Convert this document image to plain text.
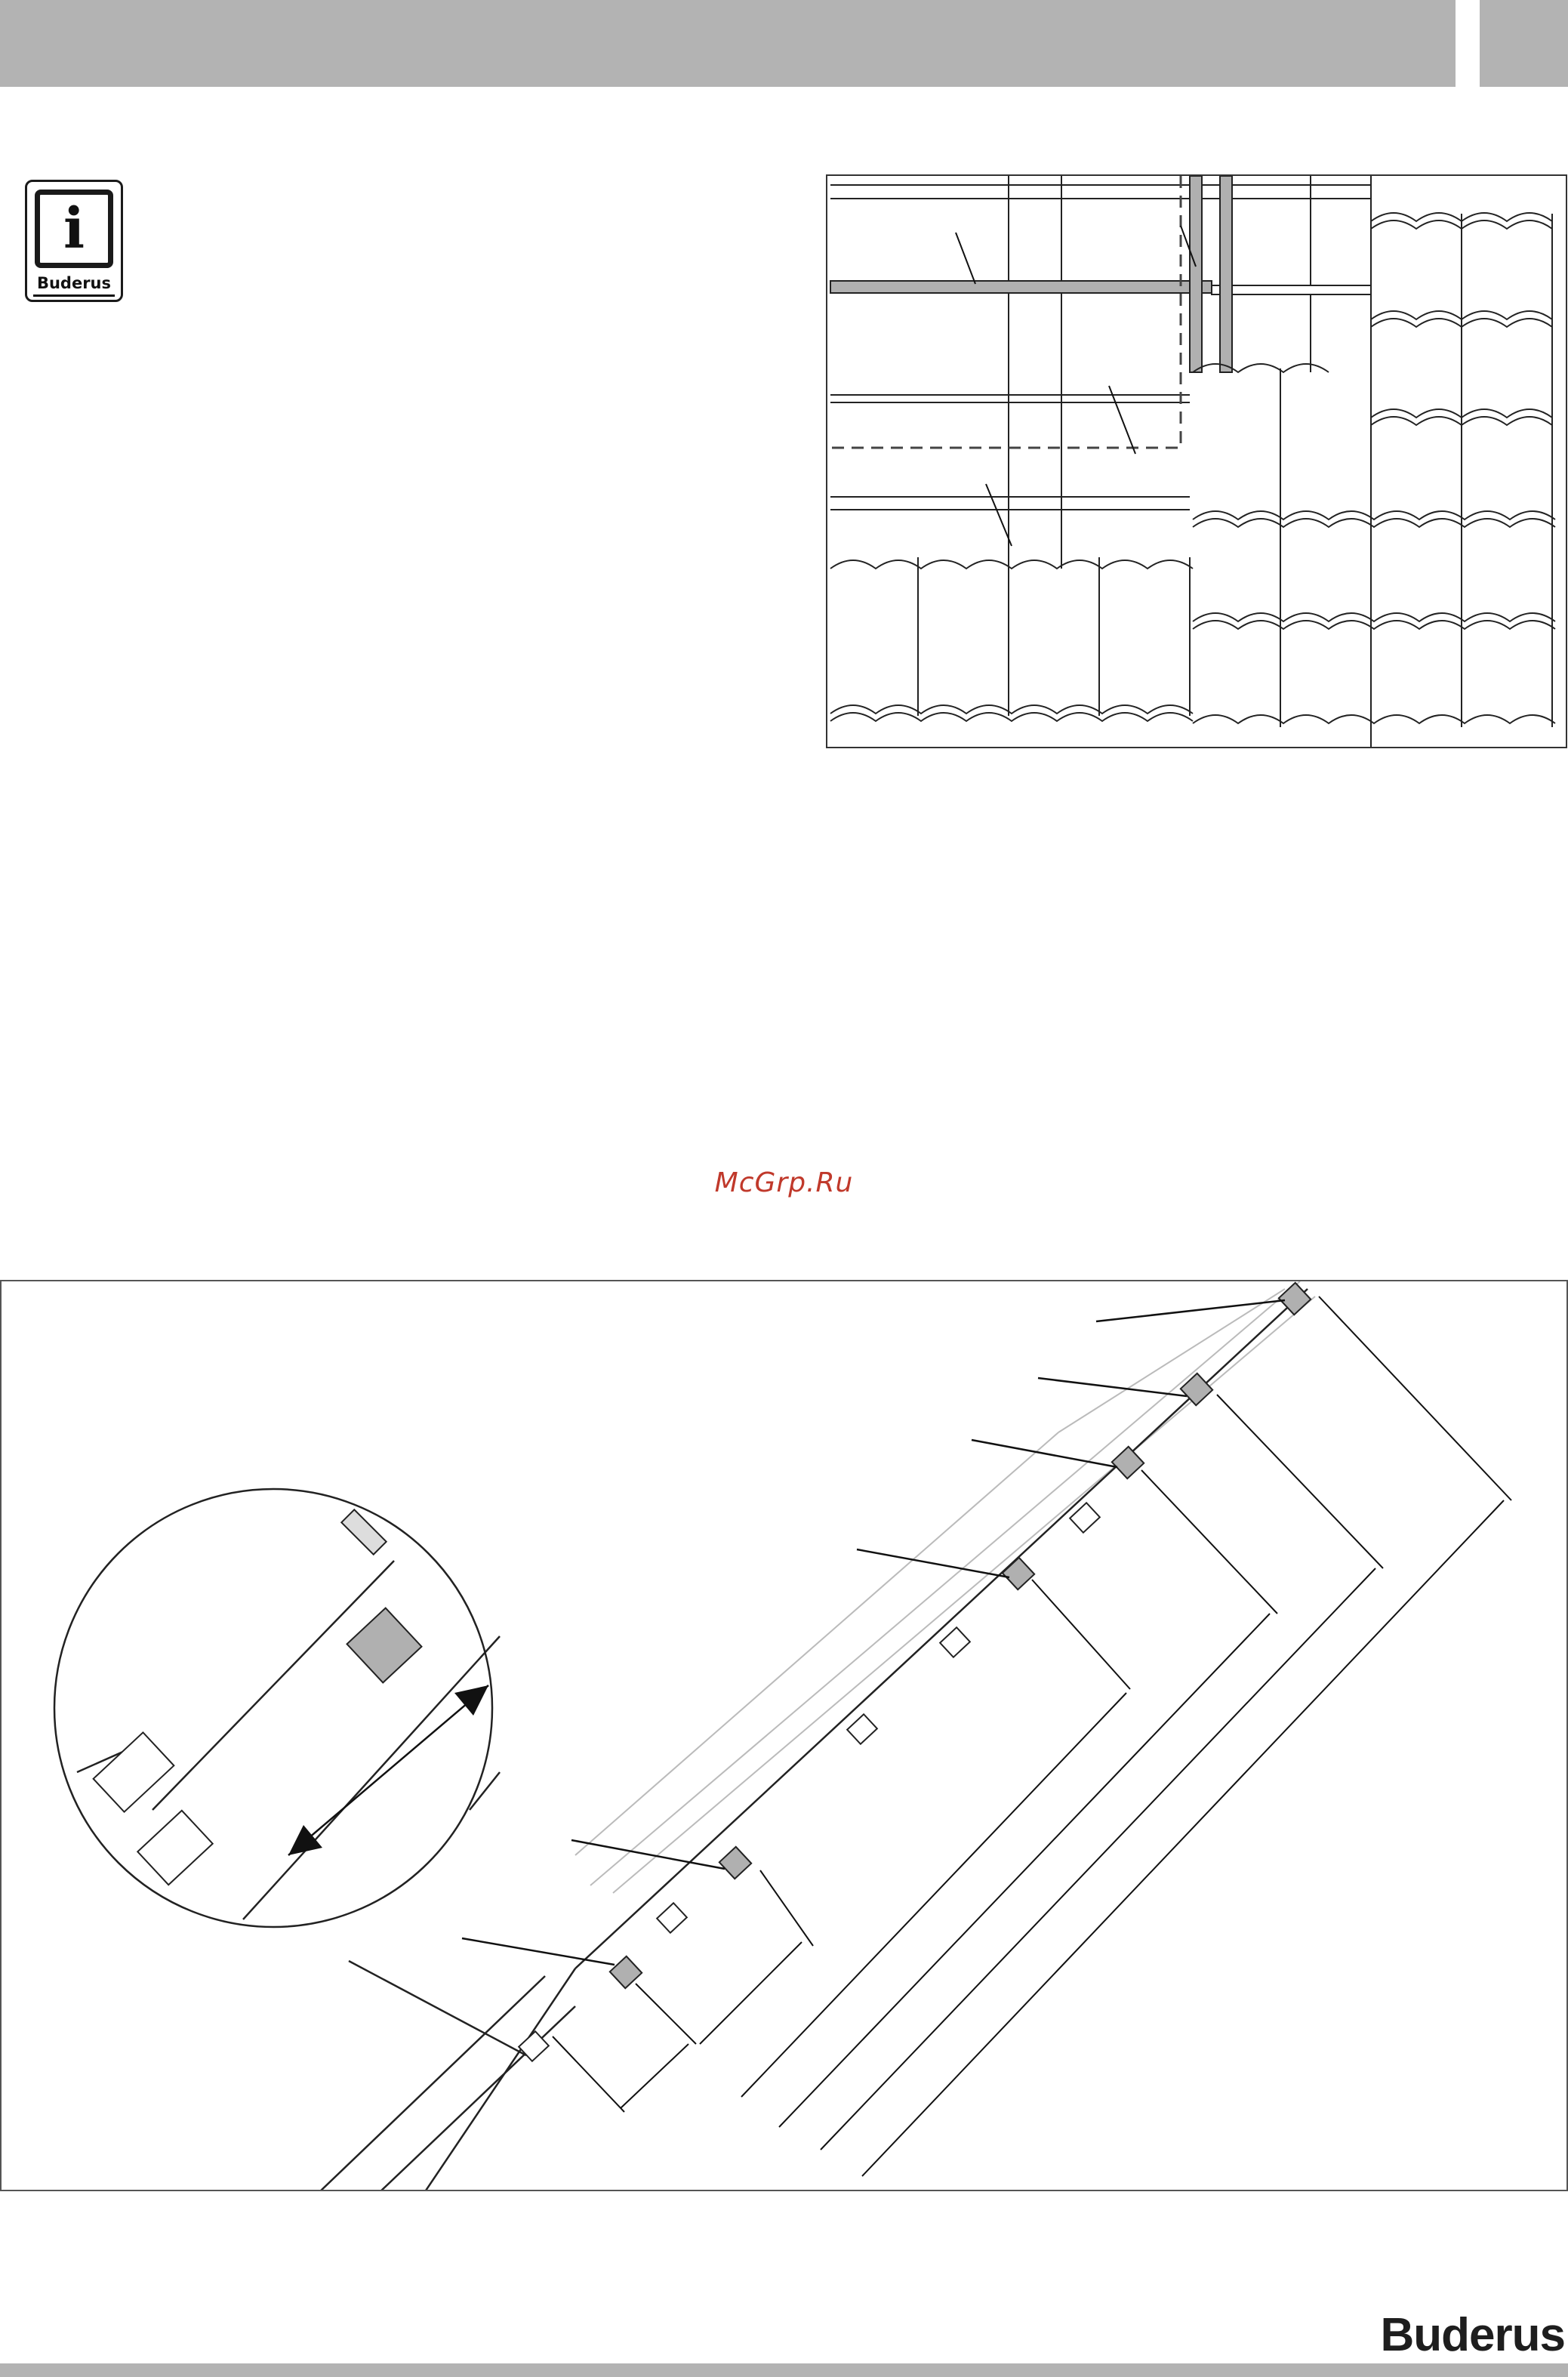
i
Buderus
McGrp.Ru
Buderus
